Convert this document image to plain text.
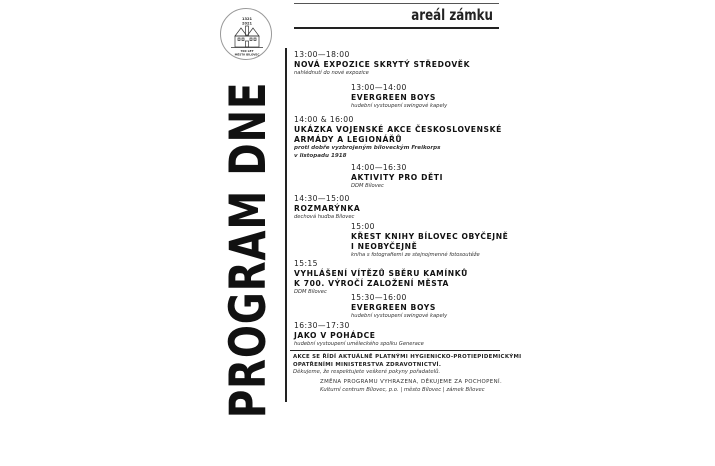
1321
2021
700 LET
MĚSTA BÍLOVEC
PROGRAM DNE
areál zámku
13:00—18:00
NOVÁ EXPOZICE SKRYTÝ STŘEDOVĚK
nahlédnutí do nové expozice
13:00—14:00
EVERGREEN BOYS
hudební vystoupení swingové kapely
14:00 & 16:00
UKÁZKA VOJENSKÉ AKCE ČESKOSLOVENSKÉ
ARMÁDY A LEGIONÁŘŮ
proti dobře vyzbrojeným bíloveckým Freikorps
v listopadu 1918
14:00—16:30
AKTIVITY PRO DĚTI
DDM Bílovec
14:30—15:00
ROZMARÝNKA
dechová hudba Bílovec
15:00
KŘEST KNIHY BÍLOVEC OBYČEJNĚ
I NEOBYČEJNĚ
kniha s fotografiemi ze stejnojmenné fotosoutěže
15:15
VYHLÁŠENÍ VÍTĚZŮ SBĚRU KAMÍNKŮ
K 700. VÝROČÍ ZALOŽENÍ MĚSTA
DDM Bílovec
15:30—16:00
EVERGREEN BOYS
hudební vystoupení swingové kapely
16:30—17:30
JAKO V POHÁDCE
hudební vystoupení uměleckého spolku Generace
AKCE SE ŘÍDÍ AKTUÁLNĚ PLATNÝMI HYGIENICKO-PROTIEPIDEMICKÝMI
OPATŘENÍMI MINISTERSTVA ZDRAVOTNICTVÍ.
Děkujeme, že respektujete veškeré pokyny pořadatelů.
ZMĚNA PROGRAMU VYHRAZENA, DĚKUJEME ZA POCHOPENÍ.
Kulturní centrum Bílovec, p.o. | město Bílovec | zámek Bílovec
